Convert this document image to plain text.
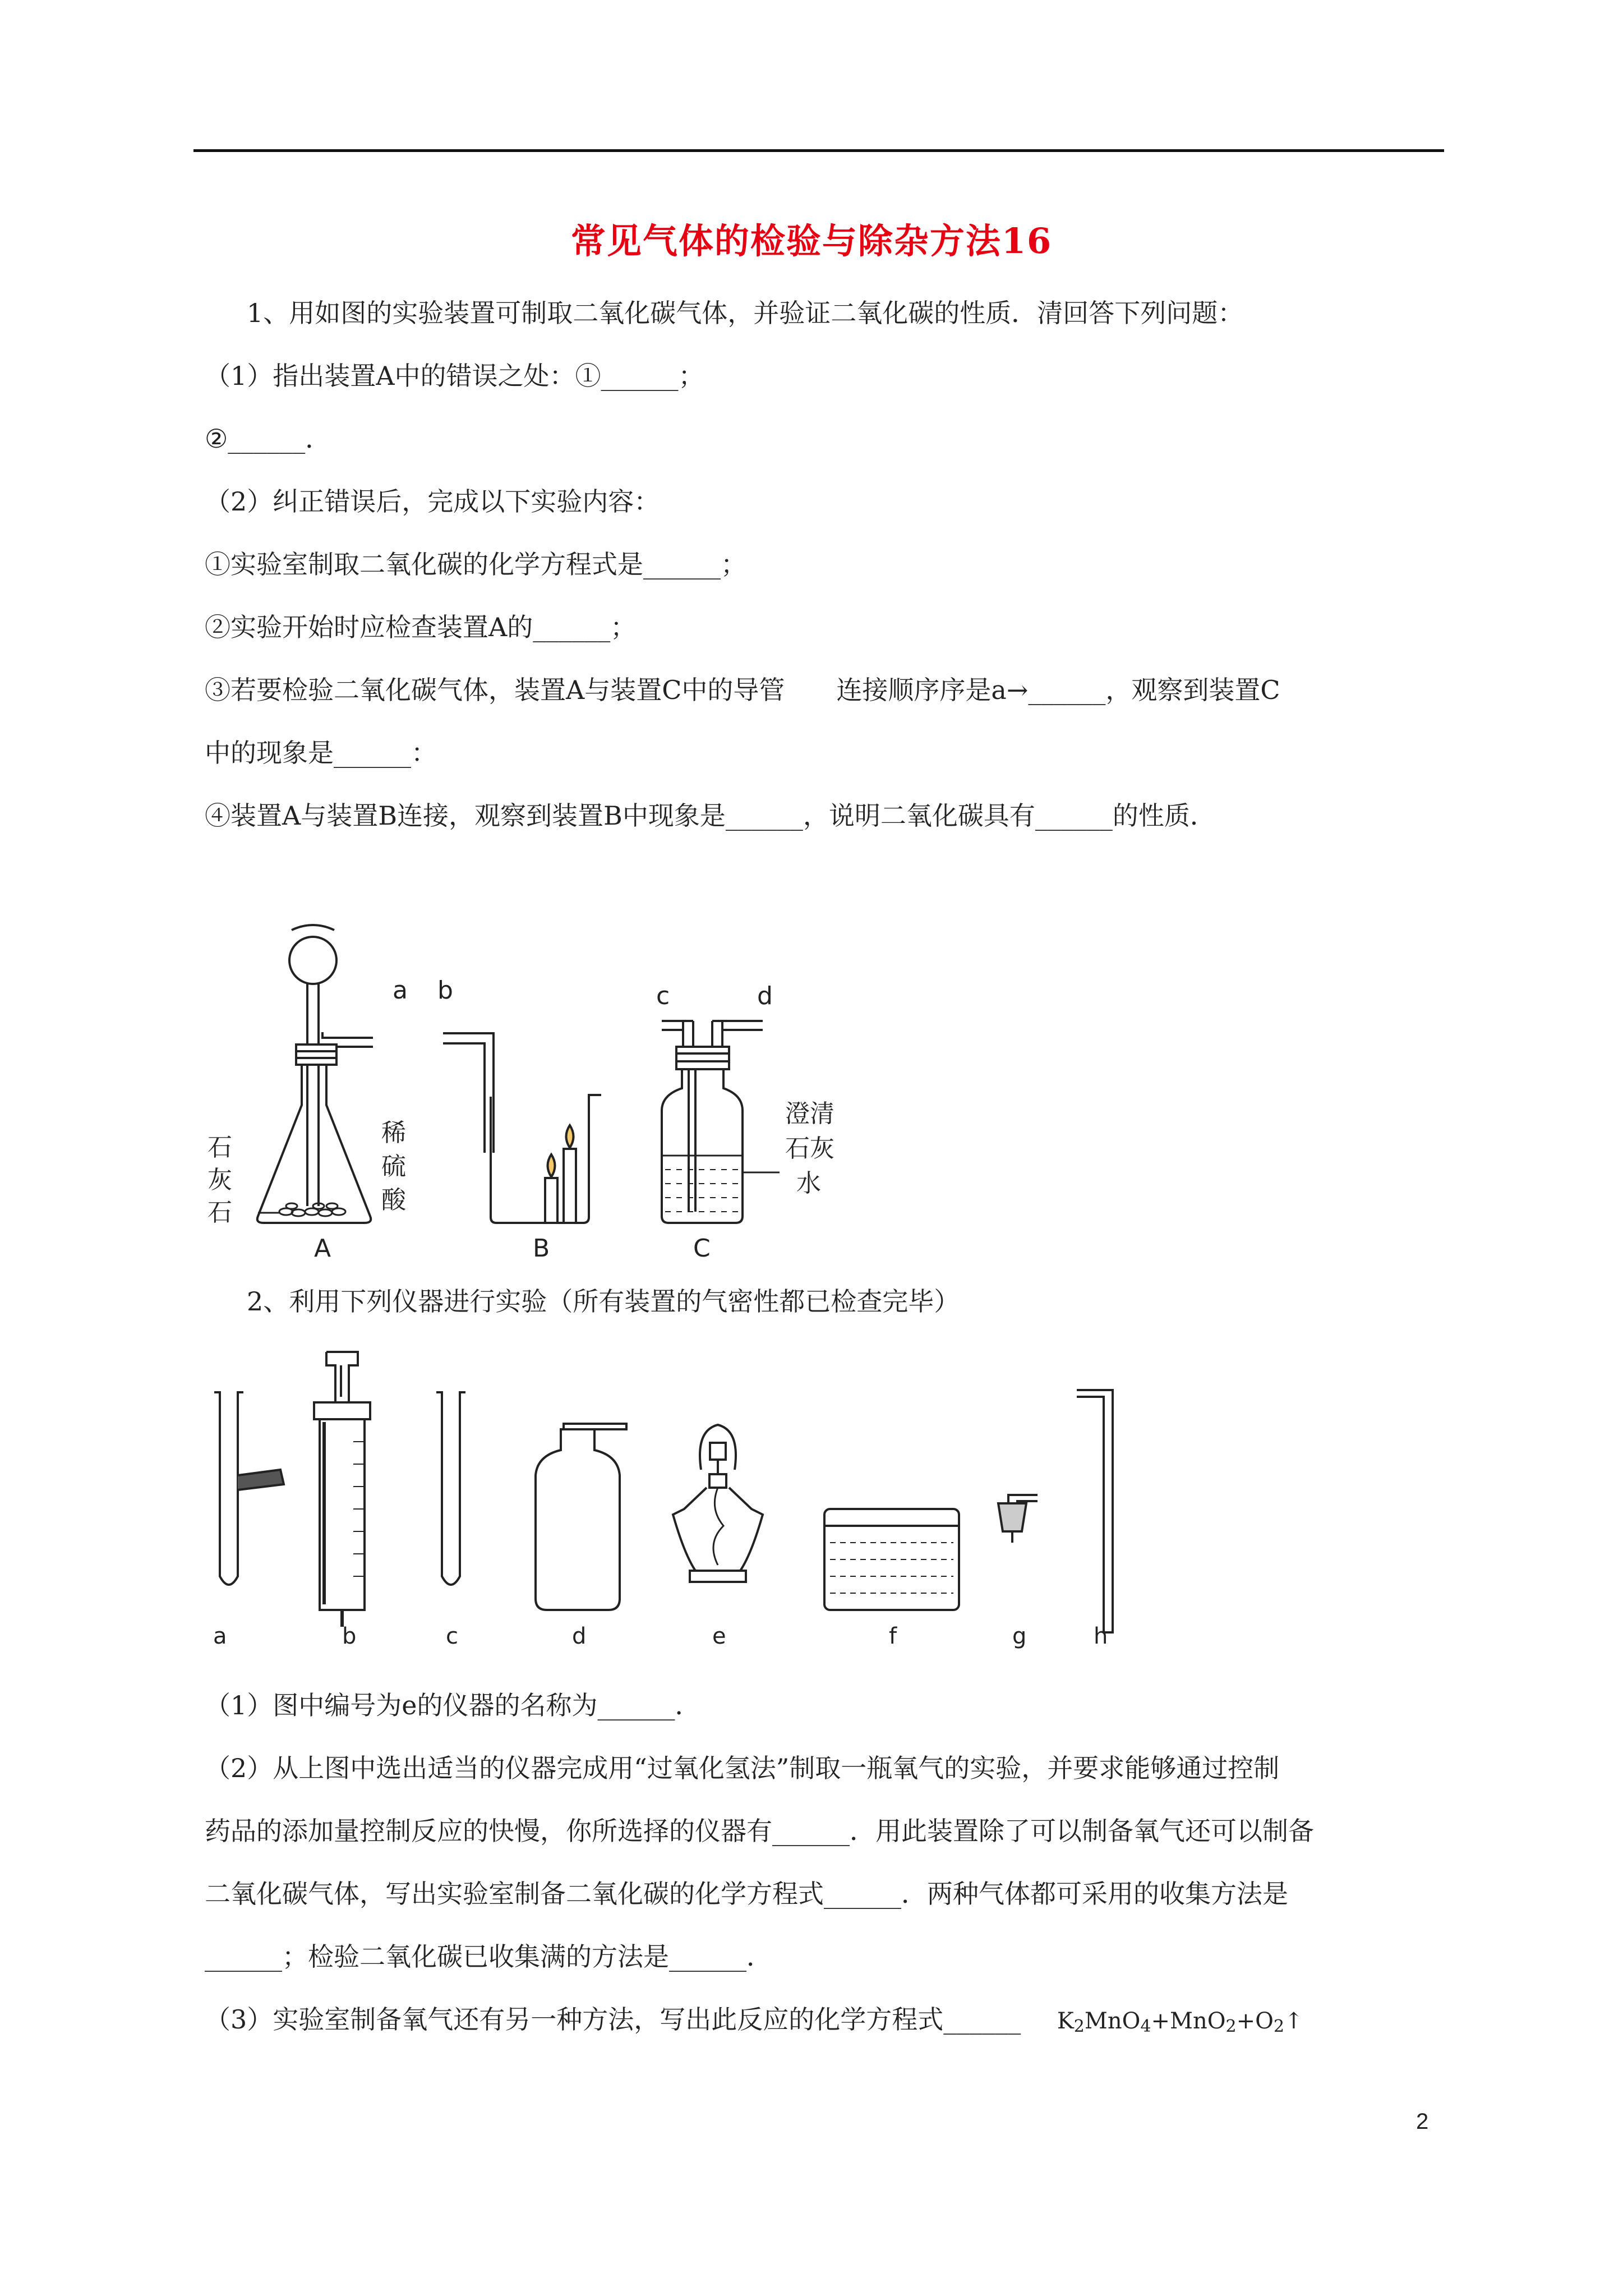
常见气体的检验与除杂方法16
1、用如图的实验装置可制取二氧化碳气体，并验证二氧化碳的性质．清回答下列问题：
（1）指出装置A中的错误之处：①______；
②______．
（2）纠正错误后，完成以下实验内容：
①实验室制取二氧化碳的化学方程式是______；
②实验开始时应检查装置A的______；
③若要检验二氧化碳气体，装置A与装置C中的导管　　连接顺序序是a→______，观察到装置C
中的现象是______：
④装置A与装置B连接，观察到装置B中现象是______，说明二氧化碳具有______的性质．
a b	c	d
石
灰
石
稀
硫
酸
澄清
石灰
水
A	B	C
2、利用下列仪器进行实验（所有装置的气密性都已检查完毕）
a	b	c	d	e	f	g	h
（1）图中编号为e的仪器的名称为______．
（2）从上图中选出适当的仪器完成用“过氧化氢法”制取一瓶氧气的实验，并要求能够通过控制
药品的添加量控制反应的快慢，你所选择的仪器有______．用此装置除了可以制备氧气还可以制备
二氧化碳气体，写出实验室制备二氧化碳的化学方程式______．两种气体都可采用的收集方法是
______；检验二氧化碳已收集满的方法是______．
（3）实验室制备氧气还有另一种方法，写出此反应的化学方程式______ $K_2MnO_4+MnO_2+O_2↑$
2
